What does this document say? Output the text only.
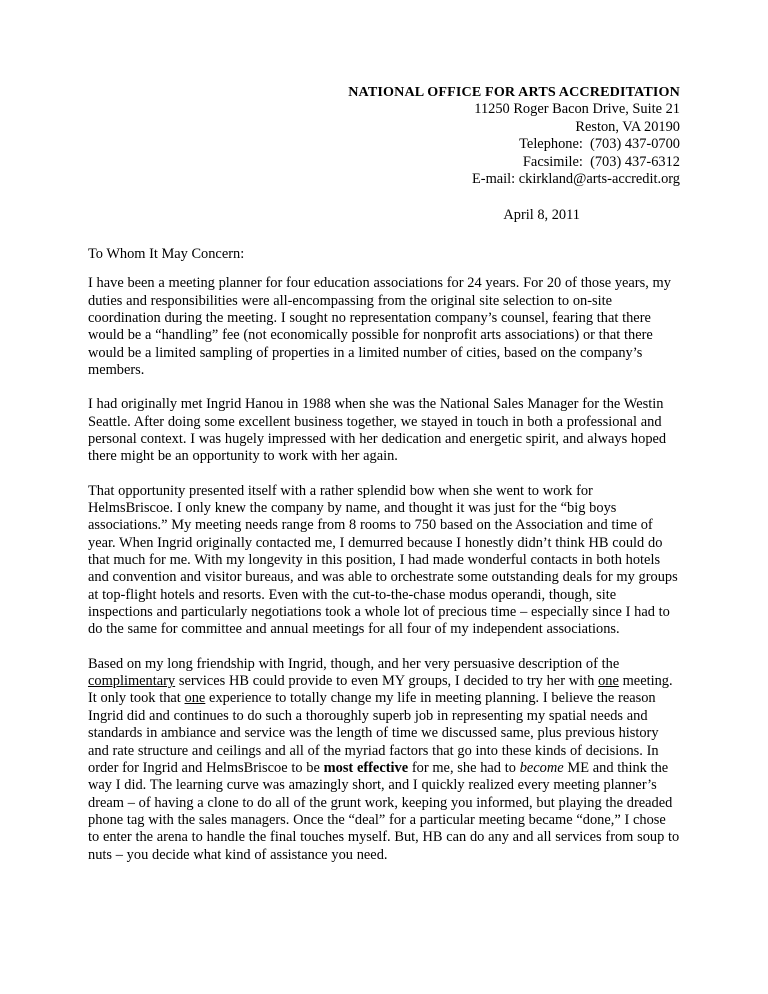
NATIONAL OFFICE FOR ARTS ACCREDITATION
11250 Roger Bacon Drive, Suite 21
Reston, VA 20190
Telephone:  (703) 437-0700
Facsimile:  (703) 437-6312
E-mail: ckirkland@arts-accredit.org
April 8, 2011
To Whom It May Concern:

I have been a meeting planner for four education associations for 24 years. For 20 of those years, my duties and responsibilities were all-encompassing from the original site selection to on-site coordination during the meeting. I sought no representation company’s counsel, fearing that there would be a “handling” fee (not economically possible for nonprofit arts associations) or that there would be a limited sampling of properties in a limited number of cities, based on the company’s members.

I had originally met Ingrid Hanou in 1988 when she was the National Sales Manager for the Westin Seattle. After doing some excellent business together, we stayed in touch in both a professional and personal context. I was hugely impressed with her dedication and energetic spirit, and always hoped there might be an opportunity to work with her again.

That opportunity presented itself with a rather splendid bow when she went to work for HelmsBriscoe. I only knew the company by name, and thought it was just for the “big boys associations.” My meeting needs range from 8 rooms to 750 based on the Association and time of year. When Ingrid originally contacted me, I demurred because I honestly didn’t think HB could do that much for me. With my longevity in this position, I had made wonderful contacts in both hotels and convention and visitor bureaus, and was able to orchestrate some outstanding deals for my groups at top-flight hotels and resorts. Even with the cut-to-the-chase modus operandi, though, site inspections and particularly negotiations took a whole lot of precious time – especially since I had to do the same for committee and annual meetings for all four of my independent associations.

Based on my long friendship with Ingrid, though, and her very persuasive description of the complimentary services HB could provide to even MY groups, I decided to try her with one meeting. It only took that one experience to totally change my life in meeting planning. I believe the reason Ingrid did and continues to do such a thoroughly superb job in representing my spatial needs and standards in ambiance and service was the length of time we discussed same, plus previous history and rate structure and ceilings and all of the myriad factors that go into these kinds of decisions. In order for Ingrid and HelmsBriscoe to be most effective for me, she had to become ME and think the way I did. The learning curve was amazingly short, and I quickly realized every meeting planner’s dream – of having a clone to do all of the grunt work, keeping you informed, but playing the dreaded phone tag with the sales managers. Once the “deal” for a particular meeting became “done,” I chose to enter the arena to handle the final touches myself. But, HB can do any and all services from soup to nuts – you decide what kind of assistance you need.
